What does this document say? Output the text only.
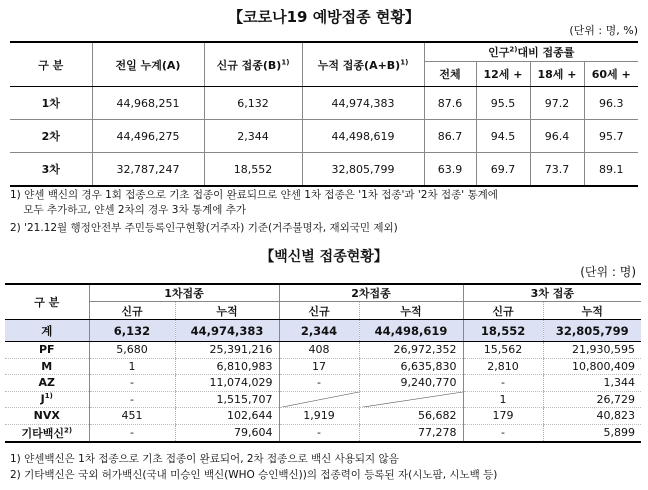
【코로나19 예방접종 현황】
(단위 : 명, %)
구 분	전일 누계(A)	신규 접종$(B)^{1)}$	누적 접종$(A+B)^{1)}$	인구$^{2)}$대비 접종률			
				전체	12세 +	18세 +	60세 +
1차	44,968,251	6,132	44,974,383	87.6	95.5	97.2	96.3
2차	44,496,275	2,344	44,498,619	86.7	94.5	96.4	95.7
3차	32,787,247	18,552	32,805,799	63.9	69.7	73.7	89.1
1) 얀센 백신의 경우 1회 접종으로 기초 접종이 완료되므로 얀센 1차 접종은 '1차 접종'과 '2차 접종' 통계에
모두 추가하고, 얀센 2차의 경우 3차 통계에 추가
2) '21.12월 행정안전부 주민등록인구현황(거주자) 기준(거주불명자, 재외국민 제외)
【백신별 접종현황】
(단위 : 명)
구 분	1차접종		2차접종		3차 접종	
	신규	누적	신규	누적	신규	누적
계	6,132	44,974,383	2,344	44,498,619	18,552	32,805,799
PF	5,680	25,391,216	408	26,972,352	15,562	21,930,595
M	1	6,810,983	17	6,635,830	2,810	10,800,409
AZ	-	11,074,029	-	9,240,770	-	1,344
$J^{1)}$	-	1,515,707			1	26,729
NVX	451	102,644	1,919	56,682	179	40,823
기타백신$^{2)}$	-	79,604	-	77,278	-	5,899
1) 얀센백신은 1차 접종으로 기초 접종이 완료되어, 2차 접종으로 백신 사용되지 않음
2) 기타백신은 국외 허가백신(국내 미승인 백신(WHO 승인백신))의 접종력이 등록된 자(시노팜, 시노백 등)
